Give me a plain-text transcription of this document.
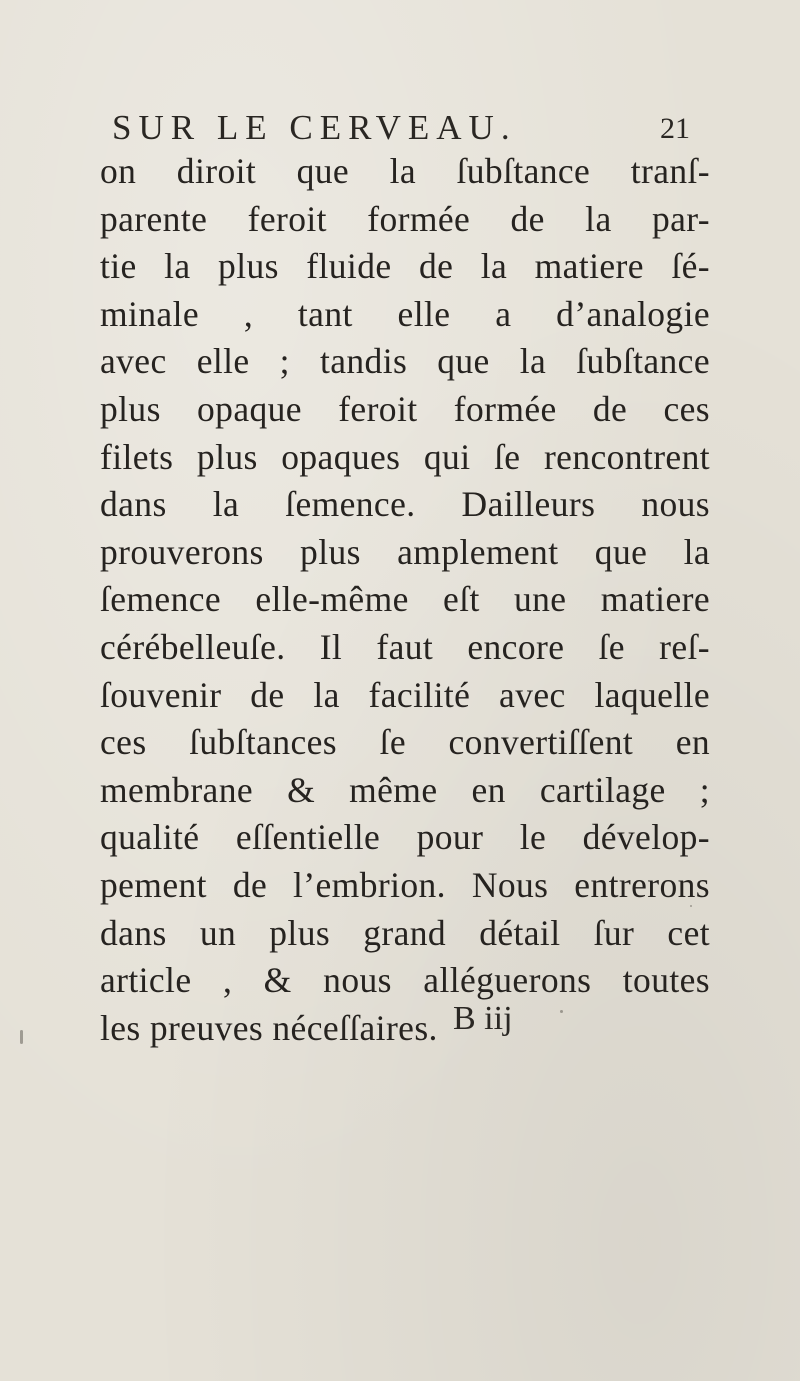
SUR LE CERVEAU.	21
on diroit que la ſubſtance tranſ-
parente feroit formée de la par-
tie la plus fluide de la matiere ſé-
minale , tant elle a d’analogie
avec elle ; tandis que la ſubſtance
plus opaque feroit formée de ces
filets plus opaques qui ſe rencontrent
dans la ſemence. Dailleurs nous
prouverons plus amplement que la
ſemence elle-même eſt une matiere
cérébelleuſe. Il faut encore ſe reſ-
ſouvenir de la facilité avec laquelle
ces ſubſtances ſe convertiſſent en
membrane & même en cartilage ;
qualité eſſentielle pour le dévelop-
pement de l’embrion. Nous entrerons
dans un plus grand détail ſur cet
article , & nous alléguerons toutes
les preuves néceſſaires. B iij
